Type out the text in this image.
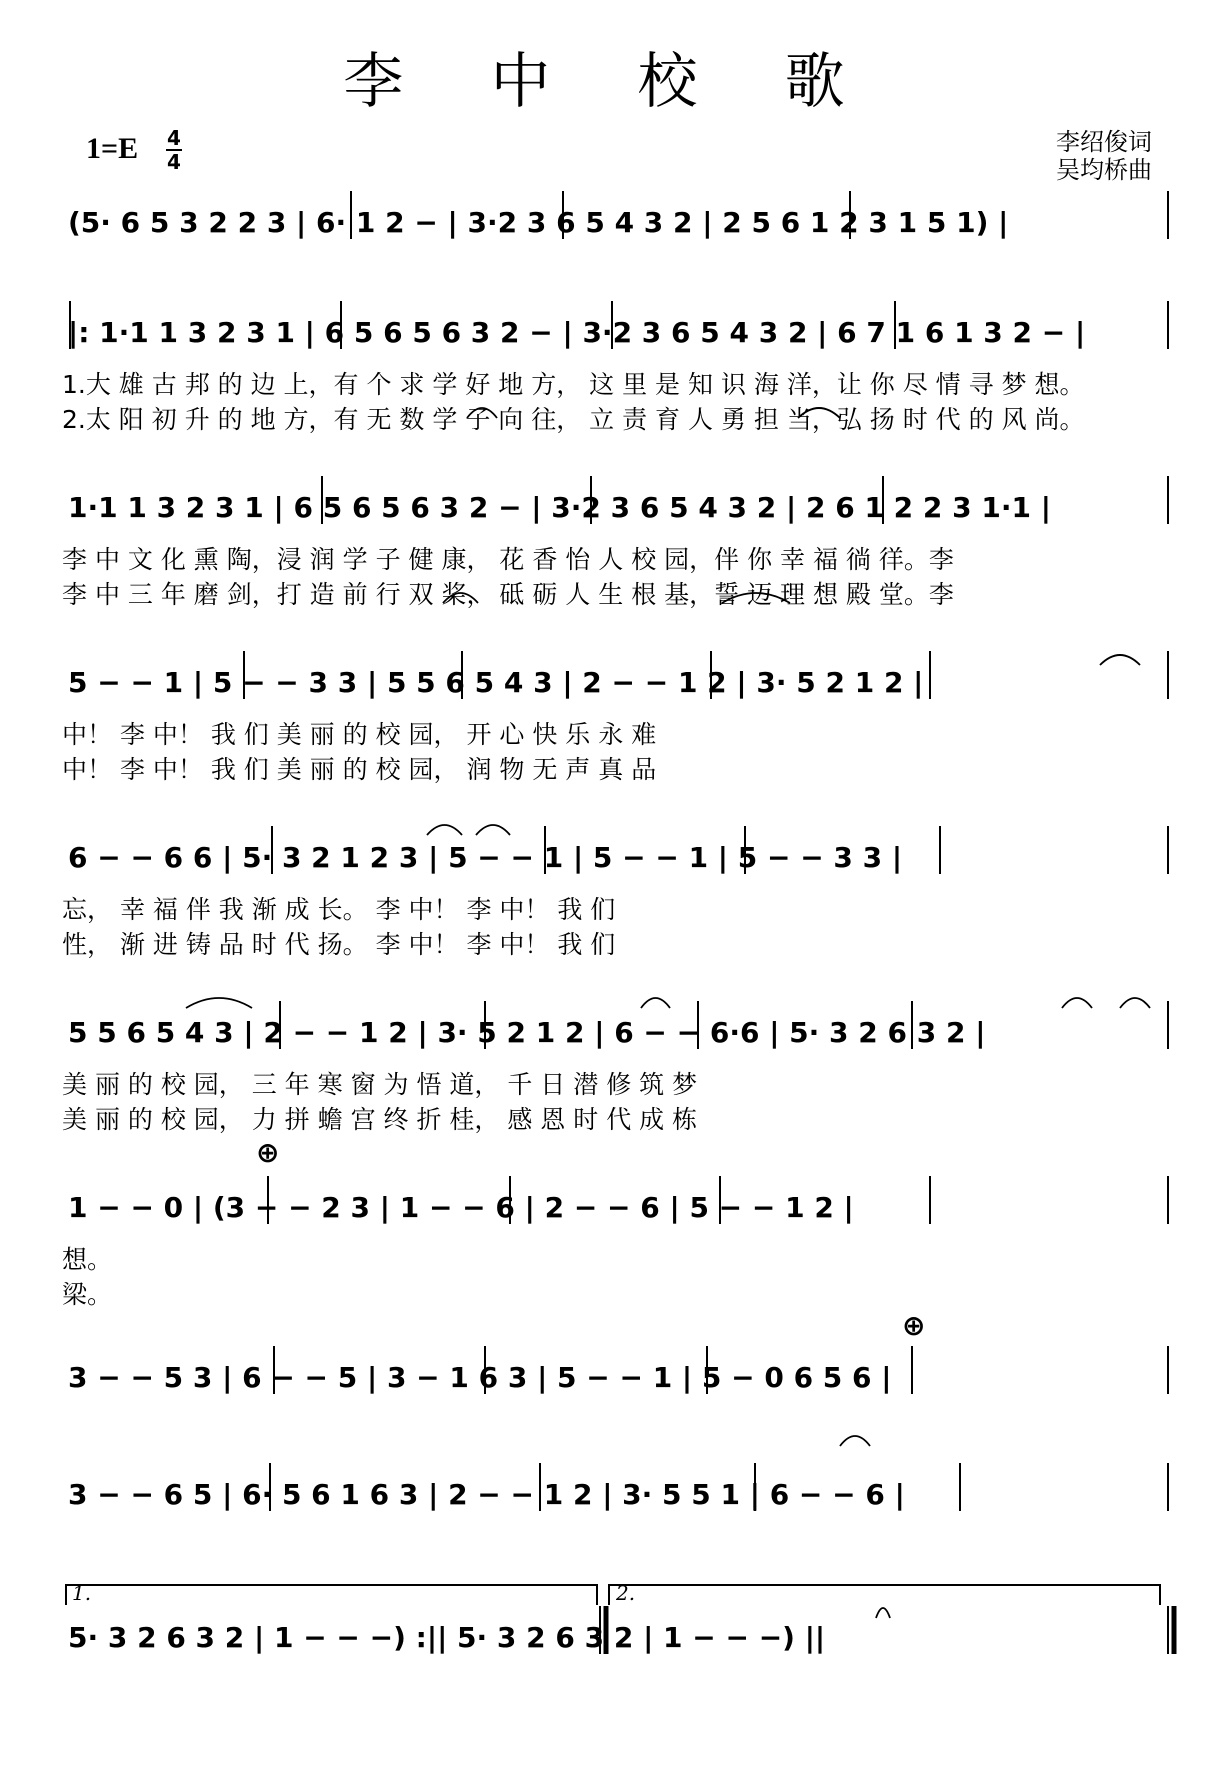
李 中 校 歌
1=E 4
4
李绍俊词
吴均桥曲
(5· 6 5 3 2 2 3 | 6· 1 2 − | 3·2 3 6 5 4 3 2 | 2 5 6 1 2 3 1 5 1) |
|: 1·1 1 3 2 3 1 | 6 5 6 5 6 3 2 − | 3·2 3 6 5 4 3 2 | 6 7 1 6 1 3 2 − |
1.大 雄 古 邦 的 边 上，有 个 求 学 好 地 方， 这 里 是 知 识 海 洋，让 你 尽 情 寻 梦 想。
2.太 阳 初 升 的 地 方，有 无 数 学 子 向 往， 立 责 育 人 勇 担 当，弘 扬 时 代 的 风 尚。
1·1 1 3 2 3 1 | 6 5 6 5 6 3 2 − | 3·2 3 6 5 4 3 2 | 2 6 1 2 2 3 1·1 |
李 中 文 化 熏 陶，浸 润 学 子 健 康， 花 香 怡 人 校 园，伴 你 幸 福 徜 徉。李
李 中 三 年 磨 剑，打 造 前 行 双 桨， 砥 砺 人 生 根 基，誓 迈 理 想 殿 堂。李
5 − − 1 | 5 − − 3 3 | 5 5 6 5 4 3 | 2 − − 1 2 | 3· 5 2 1 2 |
中！ 李 中！ 我 们 美 丽 的 校 园， 开 心 快 乐 永 难
中！ 李 中！ 我 们 美 丽 的 校 园， 润 物 无 声 真 品
6 − − 6 6 | 5· 3 2 1 2 3 | 5 − − 1 | 5 − − 1 | 5 − − 3 3 |
忘， 幸 福 伴 我 渐 成 长。 李 中！ 李 中！ 我 们
性， 渐 进 铸 品 时 代 扬。 李 中！ 李 中！ 我 们
5 5 6 5 4 3 | 2 − − 1 2 | 3· 5 2 1 2 | 6 − − 6·6 | 5· 3 2 6 3 2 |
美 丽 的 校 园， 三 年 寒 窗 为 悟 道， 千 日 潜 修 筑 梦
美 丽 的 校 园， 力 拼 蟾 宫 终 折 桂， 感 恩 时 代 成 栋
1 − − 0 | (3 − − 2 3 | 1 − − 6 | 2 − − 6 | 5 − − 1 2 |
想。
梁。
3 − − 5 3 | 6 − − 5 | 3 − 1 6 3 | 5 − − 1 | 5 − 0 6 5 6 |
3 − − 6 5 | 6· 5 6 1 6 3 | 2 − − 1 2 | 3· 5 5 1 | 6 − − 6 |
5· 3 2 6 3 2 | 1 − − −) :|| 5· 3 2 6 3 2 | 1 − − −) ||
1.	2.
⊕
⊕
